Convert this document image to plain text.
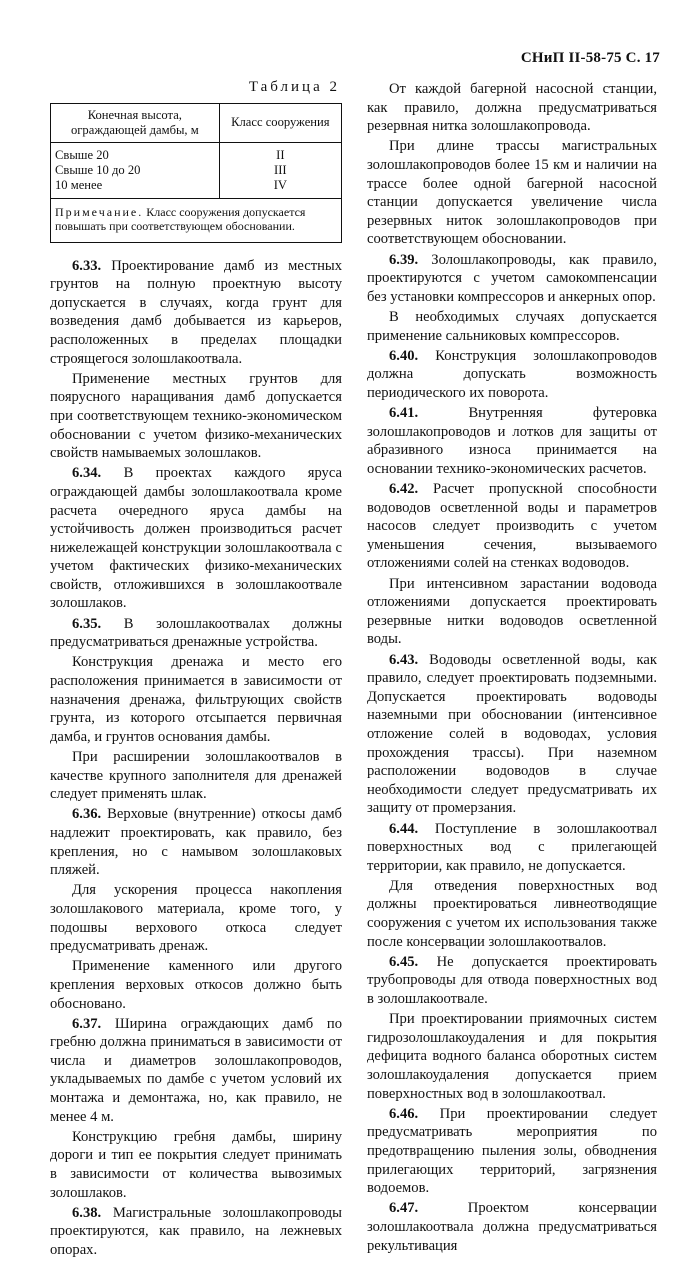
СНиП II-58-75 С. 17
Таблица 2
Конечная высота, ограждающей дамбы, м	Класс сооружения
Свыше 20	II
Свыше 10 до 20	III
10 менее	IV
Примечание. Класс сооружения допускается повышать при соответствующем обосновании.

6.33. Проектирование дамб из местных грунтов на полную проектную высоту допускается в случаях, когда грунт для возведения дамб добывается из карьеров, расположенных в пределах площадки строящегося золошлакоотвала.

Применение местных грунтов для поярусного наращивания дамб допускается при соответствующем технико-экономическом обосновании с учетом физико-механических свойств намываемых золошлаков.

6.34. В проектах каждого яруса ограждающей дамбы золошлакоотвала кроме расчета очередного яруса дамбы на устойчивость должен производиться расчет нижележащей конструкции золошлакоотвала с учетом фактических физико-механических свойств, отложившихся в золошлакоотвале золошлаков.

6.35. В золошлакоотвалах должны предусматриваться дренажные устройства.

Конструкция дренажа и место его расположения принимается в зависимости от назначения дренажа, фильтрующих свойств грунта, из которого отсыпается первичная дамба, и грунтов основания дамбы.

При расширении золошлакоотвалов в качестве крупного заполнителя для дренажей следует применять шлак.

6.36. Верховые (внутренние) откосы дамб надлежит проектировать, как правило, без крепления, но с намывом золошлаковых пляжей.

Для ускорения процесса накопления золошлакового материала, кроме того, у подошвы верхового откоса следует предусматривать дренаж.

Применение каменного или другого крепления верховых откосов должно быть обосновано.

6.37. Ширина ограждающих дамб по гребню должна приниматься в зависимости от числа и диаметров золошлакопроводов, укладываемых по дамбе с учетом условий их монтажа и демонтажа, но, как правило, не менее 4 м.

Конструкцию гребня дамбы, ширину дороги и тип ее покрытия следует принимать в зависимости от количества вывозимых золошлаков.

6.38. Магистральные золошлакопроводы проектируются, как правило, на лежневых опорах.

От каждой багерной насосной станции, как правило, должна предусматриваться резервная нитка золошлакопровода.

При длине трассы магистральных золошлакопроводов более 15 км и наличии на трассе более одной багерной насосной станции допускается увеличение числа резервных ниток золошлакопроводов при соответствующем обосновании.

6.39. Золошлакопроводы, как правило, проектируются с учетом самокомпенсации без установки компрессоров и анкерных опор.

В необходимых случаях допускается применение сальниковых компрессоров.

6.40. Конструкция золошлакопроводов должна допускать возможность периодического их поворота.

6.41.	Внутренняя футеровка золошлакопроводов и лотков для защиты от абразивного износа принимается на основании технико-экономических расчетов.

6.42. Расчет пропускной способности водоводов осветленной воды и параметров насосов следует производить с учетом уменьшения сечения, вызываемого отложениями солей на стенках водоводов.

При интенсивном зарастании водовода отложениями допускается проектировать резервные нитки водоводов осветленной воды.

6.43. Водоводы осветленной воды, как правило, следует проектировать подземными. Допускается проектировать водоводы наземными при обосновании (интенсивное отложение солей в водоводах, условия прохождения трассы). При наземном расположении водоводов в случае необходимости следует предусматривать их защиту от промерзания.

6.44. Поступление в золошлакоотвал поверхностных вод с прилегающей территории, как правило, не допускается.

Для отведения поверхностных вод должны проектироваться ливнеотводящие сооружения с учетом их использования также после консервации золошлакоотвалов.

6.45. Не допускается проектировать трубопроводы для отвода поверхностных вод в золошлакоотвале.

При проектировании приямочных систем гидрозолошлакоудаления и для покрытия дефицита водного баланса оборотных систем золошлакоудаления допускается прием поверхностных вод в золошлакоотвал.

6.46. При проектировании следует предусматривать мероприятия по предотвращению пыления золы, обводнения прилегающих территорий, загрязнения водоемов.

6.47.	Проектом консервации золошлакоотвала должна предусматриваться рекультивация
